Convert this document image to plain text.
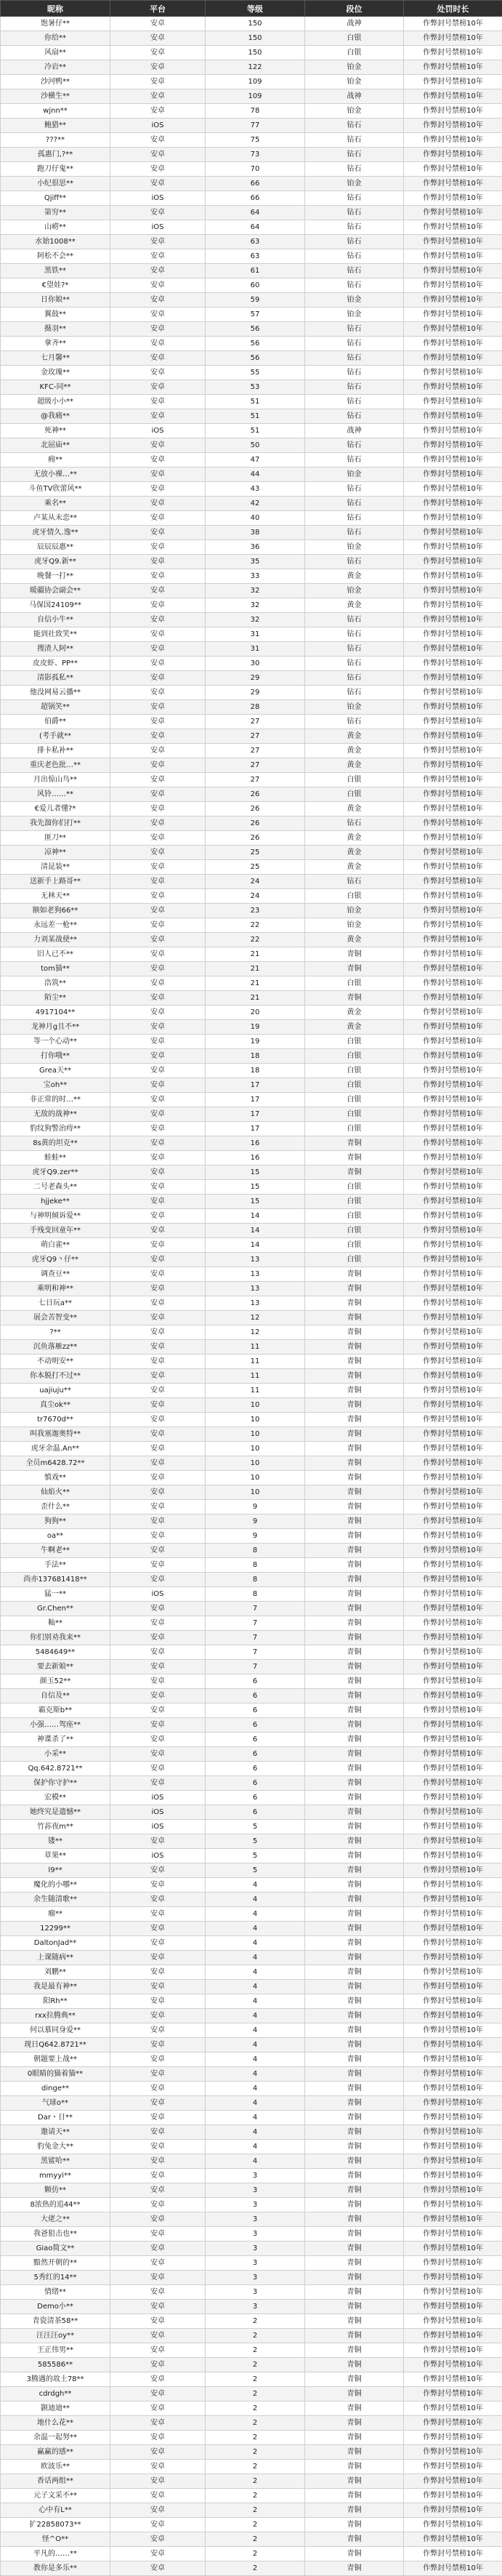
昵称	平台	等级	段位	处罚时长
饱暑仔**	安卓	150	战神	作弊封号禁榜10年
你给**	安卓	150	白银	作弊封号禁榜10年
风扇**	安卓	150	白银	作弊封号禁榜10年
冷岩**	安卓	122	铂金	作弊封号禁榜10年
沙河鸭**	安卓	109	铂金	作弊封号禁榜10年
沙横生**	安卓	109	战神	作弊封号禁榜10年
wjnn**	安卓	78	铂金	作弊封号禁榜10年
鲍猎**	iOS	77	钻石	作弊封号禁榜10年
???**	安卓	75	钻石	作弊封号禁榜10年
孤惠门,?**	安卓	73	钻石	作弊封号禁榜10年
跑刀仔鬼**	安卓	70	钻石	作弊封号禁榜10年
小纪很思**	安卓	66	铂金	作弊封号禁榜10年
Qjiff**	iOS	66	钻石	作弊封号禁榜10年
第穷**	安卓	64	钻石	作弊封号禁榜10年
山崂**	iOS	64	钻石	作弊封号禁榜10年
水始1008**	安卓	63	钻石	作弊封号禁榜10年
阿松不会**	安卓	63	钻石	作弊封号禁榜10年
黑铁**	安卓	61	钻石	作弊封号禁榜10年
€望娃?*	安卓	60	钻石	作弊封号禁榜10年
日你娘**	安卓	59	铂金	作弊封号禁榜10年
翼鼓**	安卓	57	铂金	作弊封号禁榜10年
摄羽**	安卓	56	钻石	作弊封号禁榜10年
拿齐**	安卓	56	钻石	作弊封号禁榜10年
七月馨**	安卓	56	钻石	作弊封号禁榜10年
金玫瑰**	安卓	55	钻石	作弊封号禁榜10年
KFC-同**	安卓	53	钻石	作弊封号禁榜10年
超级小小**	安卓	51	钻石	作弊封号禁榜10年
@我痛**	安卓	51	钻石	作弊封号禁榜10年
死神**	iOS	51	战神	作弊封号禁榜10年
北屈庙**	安卓	50	钻石	作弊封号禁榜10年
痈**	安卓	47	钻石	作弊封号禁榜10年
无放小裸…**	安卓	44	铂金	作弊封号禁榜10年
斗鱼TV欣蕾风**	安卓	43	钻石	作弊封号禁榜10年
乘名**	安卓	42	钻石	作弊封号禁榜10年
卢某从未恋**	安卓	40	钻石	作弊封号禁榜10年
虎牙情久.逸**	安卓	38	钻石	作弊封号禁榜10年
辰辰辰惠**	安卓	36	铂金	作弊封号禁榜10年
虎牙Q9.新**	安卓	35	钻石	作弊封号禁榜10年
晚餐一打**	安卓	33	黄金	作弊封号禁榜10年
暖疆协会副会**	安卓	32	铂金	作弊封号禁榜10年
马保国24109**	安卓	32	黄金	作弊封号禁榜10年
自信小牛**	安卓	32	钻石	作弊封号禁榜10年
能到社致笑**	安卓	31	钻石	作弊封号禁榜10年
搜渣人阿**	安卓	31	钻石	作弊封号禁榜10年
皮皮虾、PP**	安卓	30	钻石	作弊封号禁榜10年
清影孤私**	安卓	29	钻石	作弊封号禁榜10年
他没网易云播**	安卓	29	钻石	作弊封号禁榜10年
超锅笑**	安卓	28	铂金	作弊封号禁榜10年
伯爵**	安卓	27	钻石	作弊封号禁榜10年
(考手就**	安卓	27	黄金	作弊封号禁榜10年
排卡私补**	安卓	27	黄金	作弊封号禁榜10年
重庆老色批…**	安卓	27	黄金	作弊封号禁榜10年
月出惊山鸟**	安卓	27	白银	作弊封号禁榜10年
风铃……**	安卓	26	白银	作弊封号禁榜10年
€爱儿者懂?*	安卓	26	黄金	作弊封号禁榜10年
我先溜你们打**	安卓	26	钻石	作弊封号禁榜10年
匪刀**	安卓	26	黄金	作弊封号禁榜10年
凉神**	安卓	25	黄金	作弊封号禁榜10年
清昆装**	安卓	25	黄金	作弊封号禁榜10年
送新手上路哥**	安卓	24	钻石	作弊封号禁榜10年
无林天**	安卓	24	白银	作弊封号禁榜10年
额如老狗66**	安卓	23	铂金	作弊封号禁榜10年
永远差一枪**	安卓	22	铂金	作弊封号禁榜10年
力刘某战使**	安卓	22	黄金	作弊封号禁榜10年
旧人已不**	安卓	21	青铜	作弊封号禁榜10年
tom猫**	安卓	21	青铜	作弊封号禁榜10年
浩筑**	安卓	21	白银	作弊封号禁榜10年
陌尘**	安卓	21	青铜	作弊封号禁榜10年
4917104**	安卓	20	黄金	作弊封号禁榜10年
龙神月g且不**	安卓	19	黄金	作弊封号禁榜10年
等一个心动**	安卓	19	白银	作弊封号禁榜10年
打你哦**	安卓	18	白银	作弊封号禁榜10年
Grea天**	安卓	18	白银	作弊封号禁榜10年
宝oh**	安卓	17	白银	作弊封号禁榜10年
非正常的时…**	安卓	17	白银	作弊封号禁榜10年
无敌的战神**	安卓	17	白银	作弊封号禁榜10年
豹纹狗警治痔**	安卓	17	白银	作弊封号禁榜10年
8s黄的坦克**	安卓	16	青铜	作弊封号禁榜10年
蛙蛙**	安卓	16	青铜	作弊封号禁榜10年
虎牙Q9.zer**	安卓	15	青铜	作弊封号禁榜10年
二号老森头**	安卓	15	白银	作弊封号禁榜10年
hjjeke**	安卓	15	白银	作弊封号禁榜10年
与神明倾诉爱**	安卓	14	白银	作弊封号禁榜10年
手残变回童年**	安卓	14	白银	作弊封号禁榜10年
萌白雀**	安卓	14	白银	作弊封号禁榜10年
虎牙Q9丶仔**	安卓	13	白银	作弊封号禁榜10年
调查豆**	安卓	13	青铜	作弊封号禁榜10年
乘明和神**	安卓	13	青铜	作弊封号禁榜10年
七日玩a**	安卓	13	青铜	作弊封号禁榜10年
展会苦智变**	安卓	12	青铜	作弊封号禁榜10年
?**	安卓	12	青铜	作弊封号禁榜10年
沉鱼落雁zz**	安卓	11	青铜	作弊封号禁榜10年
不动明安**	安卓	11	青铜	作弊封号禁榜10年
你本脱打不过**	安卓	11	青铜	作弊封号禁榜10年
uajiuju**	安卓	11	青铜	作弊封号禁榜10年
真尘ok**	安卓	10	青铜	作弊封号禁榜10年
tr7670d**	安卓	10	青铜	作弊封号禁榜10年
叫我塞迦奥特**	安卓	10	青铜	作弊封号禁榜10年
虎牙余温.An**	安卓	10	青铜	作弊封号禁榜10年
全员m6428.72**	安卓	10	青铜	作弊封号禁榜10年
慎戏**	安卓	10	青铜	作弊封号禁榜10年
仙焰火**	安卓	10	青铜	作弊封号禁榜10年
歪什么**	安卓	9	青铜	作弊封号禁榜10年
狗狗**	安卓	9	青铜	作弊封号禁榜10年
oa**	安卓	9	青铜	作弊封号禁榜10年
牛啊老**	安卓	8	青铜	作弊封号禁榜10年
手法**	安卓	8	青铜	作弊封号禁榜10年
尚亦137681418**	安卓	8	青铜	作弊封号禁榜10年
猛一**	iOS	8	青铜	作弊封号禁榜10年
Gr.Chen**	安卓	7	青铜	作弊封号禁榜10年
籼**	安卓	7	青铜	作弊封号禁榜10年
你们别劝我来**	安卓	7	青铜	作弊封号禁榜10年
5484649**	安卓	7	青铜	作弊封号禁榜10年
要去新娘**	安卓	7	青铜	作弊封号禁榜10年
颜玉52**	安卓	6	青铜	作弊封号禁榜10年
自信及**	安卓	6	青铜	作弊封号禁榜10年
霸克斯b**	安卓	6	青铜	作弊封号禁榜10年
小强……驾座**	安卓	6	青铜	作弊封号禁榜10年
神谍杀了**	安卓	6	青铜	作弊封号禁榜10年
小采**	安卓	6	青铜	作弊封号禁榜10年
Qq.642.8721**	安卓	6	青铜	作弊封号禁榜10年
保护你守护**	安卓	6	青铜	作弊封号禁榜10年
宏模**	iOS	6	青铜	作弊封号禁榜10年
她终究是遗憾**	iOS	6	青铜	作弊封号禁榜10年
竹荪夜m**	iOS	5	青铜	作弊封号禁榜10年
镂**	安卓	5	青铜	作弊封号禁榜10年
草果**	iOS	5	青铜	作弊封号禁榜10年
l9**	安卓	5	青铜	作弊封号禁榜10年
魔化的小哪**	安卓	4	青铜	作弊封号禁榜10年
余生随清歌**	安卓	4	青铜	作弊封号禁榜10年
瘤**	安卓	4	青铜	作弊封号禁榜10年
12299**	安卓	4	青铜	作弊封号禁榜10年
DaltonJad**	安卓	4	青铜	作弊封号禁榜10年
上课随病**	安卓	4	青铜	作弊封号禁榜10年
刘鹏**	安卓	4	青铜	作弊封号禁榜10年
我是最有神**	安卓	4	青铜	作弊封号禁榜10年
阳Rh**	安卓	4	青铜	作弊封号禁榜10年
rxx拉腾典**	安卓	4	青铜	作弊封号禁榜10年
何以慕同身爱**	安卓	4	青铜	作弊封号禁榜10年
现日Q642.8721**	安卓	4	青铜	作弊封号禁榜10年
朝题要上战**	安卓	4	青铜	作弊封号禁榜10年
0眼睛的猫着猫**	安卓	4	青铜	作弊封号禁榜10年
dinge**	安卓	4	青铜	作弊封号禁榜10年
气球o**	安卓	4	青铜	作弊封号禁榜10年
Dar・日**	安卓	4	青铜	作弊封号禁榜10年
邀请天**	安卓	4	青铜	作弊封号禁榜10年
豹兔金大**	安卓	4	青铜	作弊封号禁榜10年
黑鲨哈**	安卓	4	青铜	作弊封号禁榜10年
mmyyi**	安卓	3	青铜	作弊封号禁榜10年
颗仿**	安卓	3	青铜	作弊封号禁榜10年
8浓热的追44**	安卓	3	青铜	作弊封号禁榜10年
大佬之**	安卓	3	青铜	作弊封号禁榜10年
我爸狙击也**	安卓	3	青铜	作弊封号禁榜10年
Giao简文**	安卓	3	青铜	作弊封号禁榜10年
黯然开朝的**	安卓	3	青铜	作弊封号禁榜10年
5秀红的14**	安卓	3	青铜	作弊封号禁榜10年
情绪**	安卓	3	青铜	作弊封号禁榜10年
Demo小**	安卓	3	青铜	作弊封号禁榜10年
青瓷清茶58**	安卓	2	青铜	作弊封号禁榜10年
汪汪汪oy**	安卓	2	青铜	作弊封号禁榜10年
王正伟男**	安卓	2	青铜	作弊封号禁榜10年
585586**	安卓	2	青铜	作弊封号禁榜10年
3腾遇的故土78**	安卓	2	青铜	作弊封号禁榜10年
cdrdgh**	安卓	2	青铜	作弊封号禁榜10年
颢迪迪**	安卓	2	青铜	作弊封号禁榜10年
地什么花**	安卓	2	青铜	作弊封号禁榜10年
余温一起努**	安卓	2	青铜	作弊封号禁榜10年
赢赢的感**	安卓	2	青铜	作弊封号禁榜10年
欧波乐**	安卓	2	青铜	作弊封号禁榜10年
香话两组**	安卓	2	青铜	作弊封号禁榜10年
元子文采不**	安卓	2	青铜	作弊封号禁榜10年
心中有L**	安卓	2	青铜	作弊封号禁榜10年
扩22858073**	安卓	2	青铜	作弊封号禁榜10年
怪^O**	安卓	2	青铜	作弊封号禁榜10年
平凡的……**	安卓	2	青铜	作弊封号禁榜10年
教你是多乐**	安卓	2	青铜	作弊封号禁榜10年
